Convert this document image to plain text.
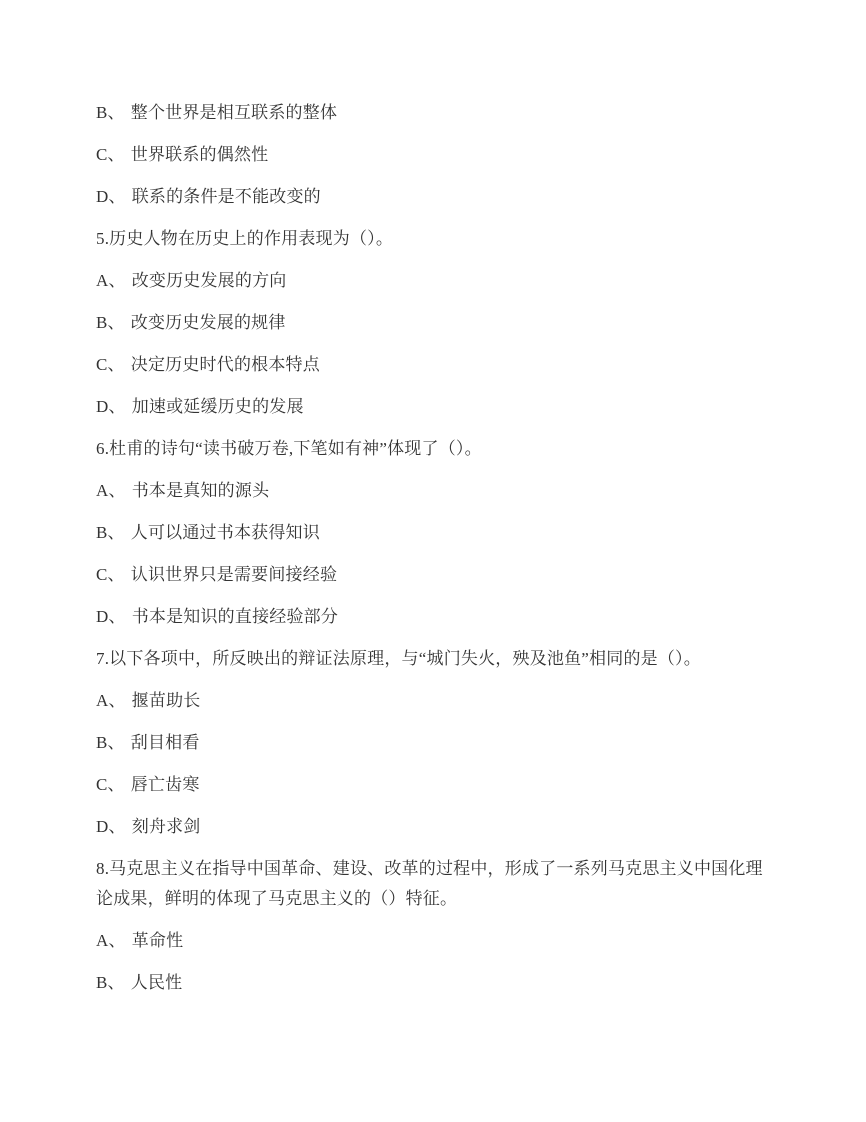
B、 整个世界是相互联系的整体

C、 世界联系的偶然性

D、 联系的条件是不能改变的

5.历史人物在历史上的作用表现为（）。

A、 改变历史发展的方向

B、 改变历史发展的规律

C、 决定历史时代的根本特点

D、 加速或延缓历史的发展

6.杜甫的诗句“读书破万卷,下笔如有神”体现了（）。

A、 书本是真知的源头

B、 人可以通过书本获得知识

C、 认识世界只是需要间接经验

D、 书本是知识的直接经验部分

7.以下各项中，所反映出的辩证法原理，与“城门失火，殃及池鱼”相同的是（）。

A、 揠苗助长

B、 刮目相看

C、 唇亡齿寒

D、 刻舟求剑

8.马克思主义在指导中国革命、建设、改革的过程中，形成了一系列马克思主义中国化理论成果，鲜明的体现了马克思主义的（）特征。

A、 革命性

B、 人民性
